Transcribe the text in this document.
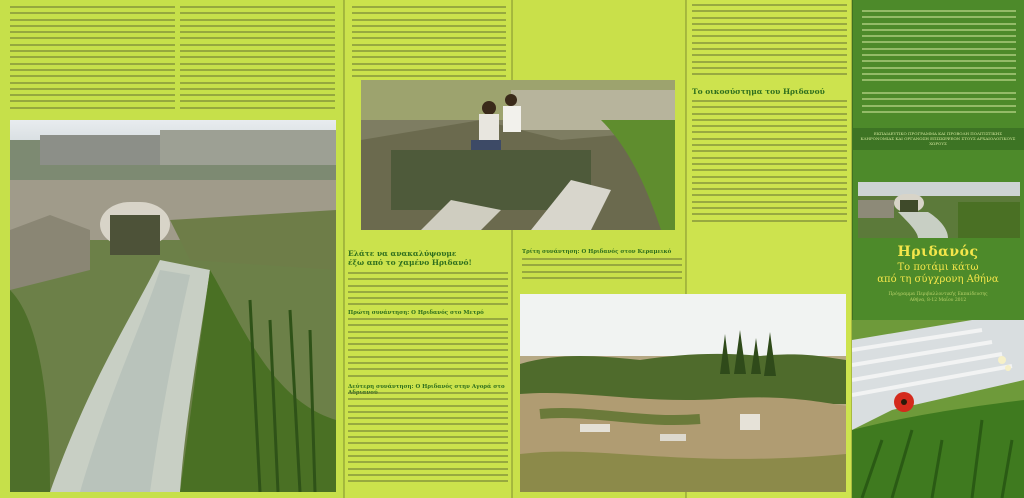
Το οικοσύστημα του Ηριδανού
Ελάτε να ανακαλύψουμε
έξω από το χαμένο Ηριδανό!
Πρώτη συνάντηση: Ο Ηριδανός στο Μετρό
Δεύτερη συνάντηση: Ο Ηριδανός στην Αγορά στο
Τρίτη συνάντηση: Ο Ηριδανός στον Κεραμεικό
ΕΚΠΑΙΔΕΥΤΙΚΟ ΠΡΟΓΡΑΜΜΑ ΚΑΙ ΠΡΟΒΟΛΗ ΠΟΛΙΤΙΣΤΙΚΗΣ ΚΛΗΡΟΝΟΜΙΑΣ ΚΑΙ ΟΡΓΑΝΩΣΗ ΕΠΙΣΚΕΨΕΩΝ ΣΤΟΥΣ ΑΡΧΑΙΟΛΟΓΙΚΟΥΣ ΧΩΡΟΥΣ
Ηριδανός
Το ποτάμι κάτω
από τη σύγχρονη Αθήνα
Πρόγραμμα Περιβαλλοντικής Εκπαίδευσης
Αθήνα, 8-12 Μαΐου 2012
